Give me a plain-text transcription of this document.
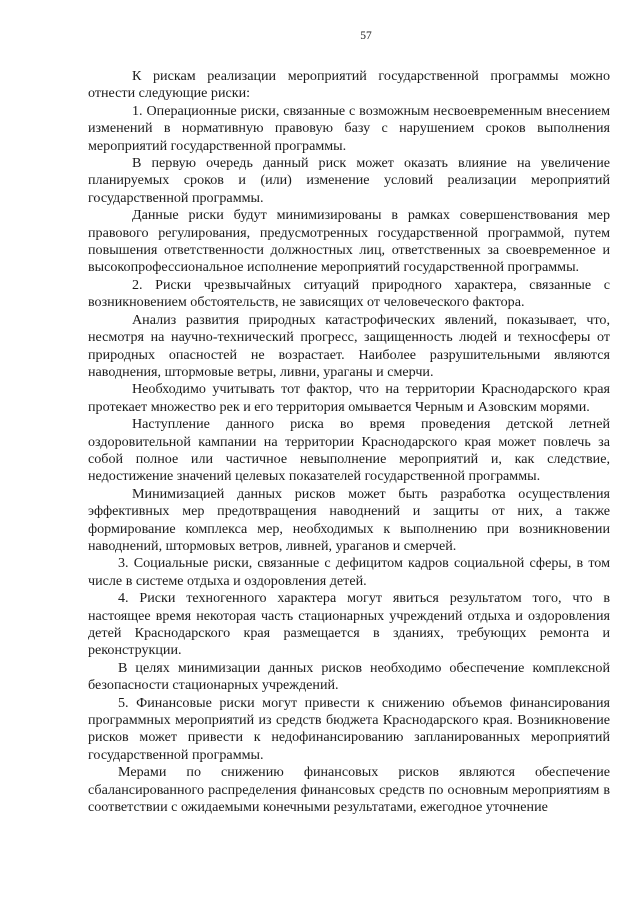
57

К рискам реализации мероприятий государственной программы можно отнести следующие риски:

1. Операционные риски, связанные с возможным несвоевременным внесением изменений в нормативную правовую базу с нарушением сроков выполнения мероприятий государственной программы.

В первую очередь данный риск может оказать влияние на увеличение планируемых сроков и (или) изменение условий реализации мероприятий государственной программы.

Данные риски будут минимизированы в рамках совершенствования мер правового регулирования, предусмотренных государственной программой, путем повышения ответственности должностных лиц, ответственных за своевременное и высокопрофессиональное исполнение мероприятий государственной программы.

2. Риски чрезвычайных ситуаций природного характера, связанные с возникновением обстоятельств, не зависящих от человеческого фактора.

Анализ развития природных катастрофических явлений, показывает, что, несмотря на научно-технический прогресс, защищенность людей и техносферы от природных опасностей не возрастает. Наиболее разрушительными являются наводнения, штормовые ветры, ливни, ураганы и смерчи.

Необходимо учитывать тот фактор, что на территории Краснодарского края протекает множество рек и его территория омывается Черным и Азовским морями.

Наступление данного риска во время проведения детской летней оздоровительной кампании на территории Краснодарского края может повлечь за собой полное или частичное невыполнение мероприятий и, как следствие, недостижение значений целевых показателей государственной программы.

Минимизацией данных рисков может быть разработка осуществления эффективных мер предотвращения наводнений и защиты от них, а также формирование комплекса мер, необходимых к выполнению при возникновении наводнений, штормовых ветров, ливней, ураганов и смерчей.

3. Социальные риски, связанные с дефицитом кадров социальной сферы, в том числе в системе отдыха и оздоровления детей.

4. Риски техногенного характера могут явиться результатом того, что в настоящее время некоторая часть стационарных учреждений отдыха и оздоровления детей Краснодарского края размещается в зданиях, требующих ремонта и реконструкции.

В целях минимизации данных рисков необходимо обеспечение комплексной безопасности стационарных учреждений.

5. Финансовые риски могут привести к снижению объемов финансирования программных мероприятий из средств бюджета Краснодарского края. Возникновение рисков может привести к недофинансированию запланированных мероприятий государственной программы.

Мерами по снижению финансовых рисков являются обеспечение сбалансированного распределения финансовых средств по основным мероприятиям в соответствии с ожидаемыми конечными результатами, ежегодное уточнение
